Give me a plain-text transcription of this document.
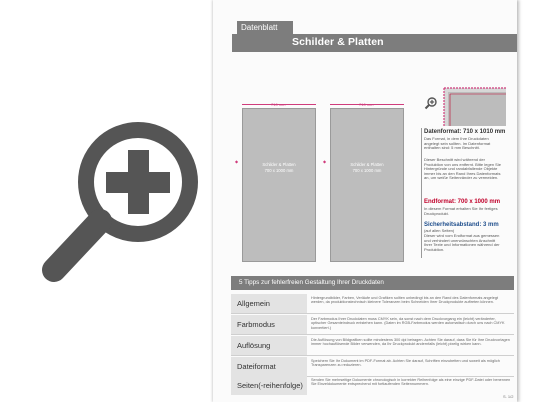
Datenblatt
Schilder & Platten
710 mm
Schilder & Platten
700 x 1000 mm
◆
710 mm
Schilder & Platten
700 x 1000 mm
◆
Datenformat: 710 x 1010 mm
Das Format, in dem Ihre Druckdaten angelegt sein sollten. Im Datenformat enthalten sind: 5 mm Beschnitt.
Dieser Beschnitt wird während der Produktion von uns entfernt. Bitte legen Sie Hintergründe und randabfallende Objekte immer bis an den Rand Ihres Datenformats an, um weiße Seitenränder zu vermeiden.
Endformat: 700 x 1000 mm
In diesem Format erhalten Sie Ihr fertiges Druckprodukt.
Sicherheitsabstand: 3 mm
(auf allen Seiten)
Dieser wird vom Endformat aus gemessen und verhindert unerwünschten Anschnitt Ihrer Texte und Informationen während der Produktion.
5 Tipps zur fehlerfreien Gestaltung Ihrer Druckdaten
Allgemein
Hintergrundbilder, Farben, Verläufe und Grafiken sollten unbedingt bis an den Rand des Datenformats angelegt werden, da produktionstechnisch kleinere Toleranzen beim Schneiden Ihrer Druckprodukte auftreten können.
Farbmodus
Der Farbmodus Ihrer Druckdaten muss CMYK sein, da sonst nach dem Druckvorgang ein (leicht) veränderter, optischer Gesamteindruck entstehen kann. (Daten im RGB-Farbmodus werden automatisch durch uns nach CMYK konvertiert.)
Auflösung
Die Auflösung von Bildgrafiken sollte mindestens 300 dpi betragen. Achten Sie darauf, dass Sie für Ihre Druckvorlagen immer hochauflösende Bilder verwenden, da Ihr Druckprodukt andernfalls (leicht) pixelig wirken kann.
Dateiformat
Speichern Sie Ihr Dokument im PDF-Format ab. Achten Sie darauf, Schriften einzubetten und soweit als möglich Transparenzen zu reduzieren.
Seiten(-reihenfolge)
Senden Sie mehrseitige Dokumente chronologisch in korrekter Reihenfolge als eine einzige PDF-Datei oder benennen Sie Einzeldokumente entsprechend mit fortlaufenden Seitennummern.
S. 1/2
